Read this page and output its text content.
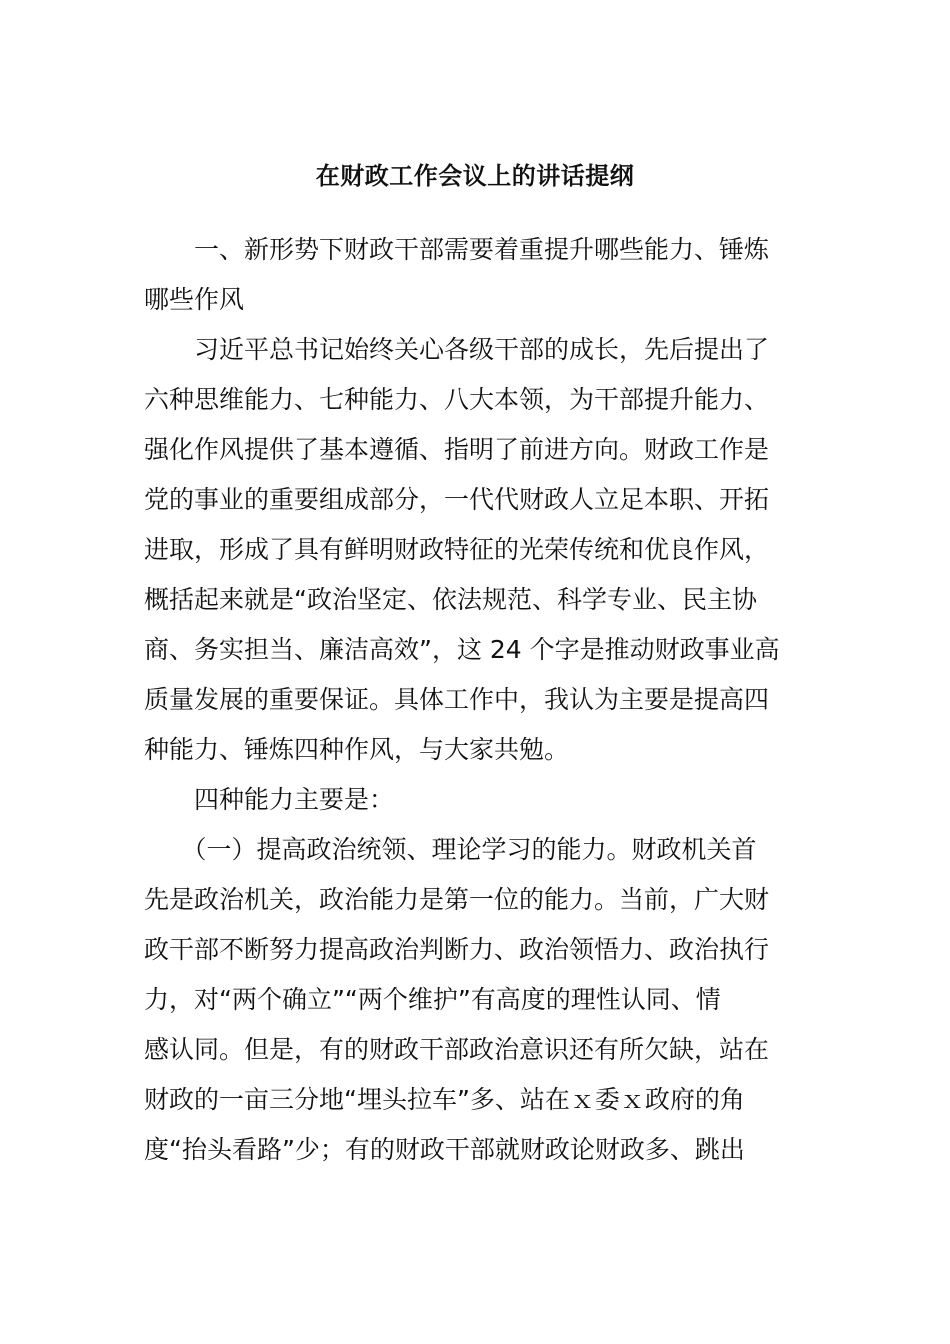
在财政工作会议上的讲话提纲
　　一、新形势下财政干部需要着重提升哪些能力、锤炼
哪些作风
　　习近平总书记始终关心各级干部的成长，先后提出了
六种思维能力、七种能力、八大本领，为干部提升能力、
强化作风提供了基本遵循、指明了前进方向。财政工作是
党的事业的重要组成部分，一代代财政人立足本职、开拓
进取，形成了具有鲜明财政特征的光荣传统和优良作风，
概括起来就是“政治坚定、依法规范、科学专业、民主协
商、务实担当、廉洁高效”，这 24 个字是推动财政事业高
质量发展的重要保证。具体工作中，我认为主要是提高四
种能力、锤炼四种作风，与大家共勉。
　　四种能力主要是：
　　（一）提高政治统领、理论学习的能力。财政机关首
先是政治机关，政治能力是第一位的能力。当前，广大财
政干部不断努力提高政治判断力、政治领悟力、政治执行
力，对“两个确立”“两个维护”有高度的理性认同、情
感认同。但是，有的财政干部政治意识还有所欠缺，站在
财政的一亩三分地“埋头拉车”多、站在ｘ委ｘ政府的角
度“抬头看路”少；有的财政干部就财政论财政多、跳出
